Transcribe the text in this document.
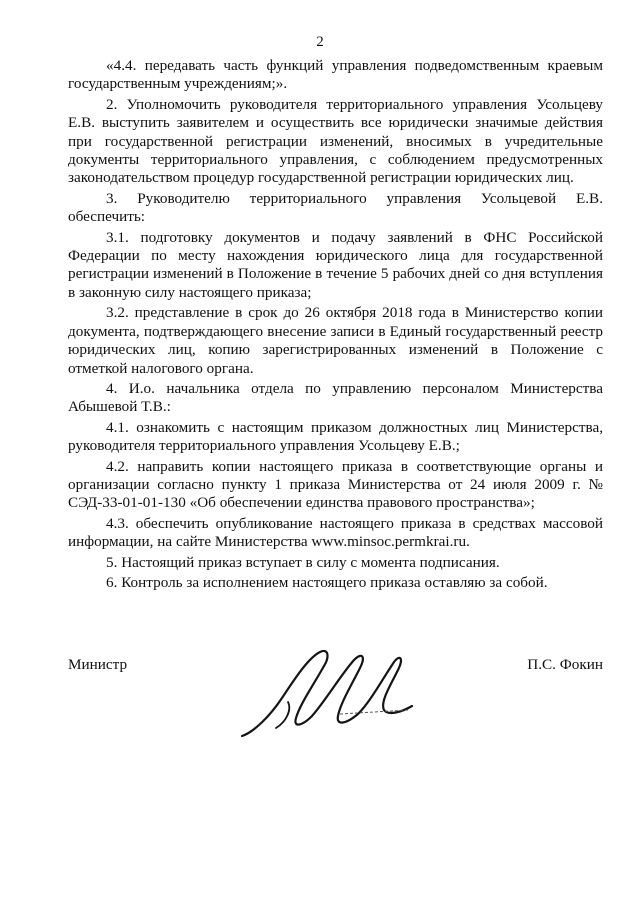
2

«4.4. передавать часть функций управления подведомственным краевым государственным учреждениям;».

2. Уполномочить руководителя территориального управления Усольцеву Е.В. выступить заявителем и осуществить все юридически значимые действия при государственной регистрации изменений, вносимых в учредительные документы территориального управления, с соблюдением предусмотренных законодательством процедур государственной регистрации юридических лиц.

3. Руководителю территориального управления Усольцевой Е.В. обеспечить:

3.1. подготовку документов и подачу заявлений в ФНС Российской Федерации по месту нахождения юридического лица для государственной регистрации изменений в Положение в течение 5 рабочих дней со дня вступления в законную силу настоящего приказа;

3.2. представление в срок до 26 октября 2018 года в Министерство копии документа, подтверждающего внесение записи в Единый государственный реестр юридических лиц, копию зарегистрированных изменений в Положение с отметкой налогового органа.

4. И.о. начальника отдела по управлению персоналом Министерства Абышевой Т.В.:

4.1. ознакомить с настоящим приказом должностных лиц Министерства, руководителя территориального управления Усольцеву Е.В.;

4.2. направить копии настоящего приказа в соответствующие органы и организации согласно пункту 1 приказа Министерства от 24 июля 2009 г. № СЭД-33-01-01-130 «Об обеспечении единства правового пространства»;

4.3. обеспечить опубликование настоящего приказа в средствах массовой информации, на сайте Министерства www.minsoc.permkrai.ru.

5. Настоящий приказ вступает в силу с момента подписания.

6. Контроль за исполнением настоящего приказа оставляю за собой.

Министр	П.С. Фокин
